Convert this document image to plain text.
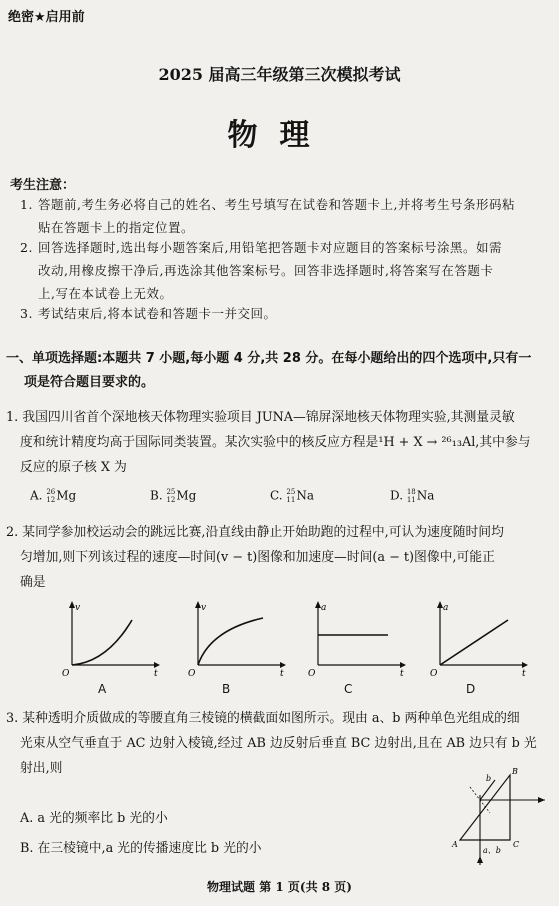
绝密★启用前
2025 届高三年级第三次模拟考试
物理
考生注意：
1. 答题前,考生务必将自己的姓名、考生号填写在试卷和答题卡上,并将考生号条形码粘
贴在答题卡上的指定位置。
2. 回答选择题时,选出每小题答案后,用铅笔把答题卡对应题目的答案标号涂黑。如需
改动,用橡皮擦干净后,再选涂其他答案标号。回答非选择题时,将答案写在答题卡
上,写在本试卷上无效。
3. 考试结束后,将本试卷和答题卡一并交回。
一、单项选择题:本题共 7 小题,每小题 4 分,共 28 分。在每小题给出的四个选项中,只有一
项是符合题目要求的。
1. 我国四川省首个深地核天体物理实验项目 JUNA—锦屏深地核天体物理实验,其测量灵敏
度和统计精度均高于国际同类装置。某次实验中的核反应方程是¹H + X → ²⁶₁₃Al,其中参与
反应的原子核 X 为
A. 26
12 Mg	B. 25
12 Mg	C. 25
11 Na	D. 18
11 Na
2. 某同学参加校运动会的跳远比赛,沿直线由静止开始助跑的过程中,可认为速度随时间均
匀增加,则下列该过程的速度—时间(v − t)图像和加速度—时间(a − t)图像中,可能正
确是
v
t
O
v
t
O
a
t
O
a
t
O
A	B	C	D
3. 某种透明介质做成的等腰直角三棱镜的横截面如图所示。现由 a、b 两种单色光组成的细
光束从空气垂直于 AC 边射入棱镜,经过 AB 边反射后垂直 BC 边射出,且在 AB 边只有 b 光
射出,则
A. a 光的频率比 b 光的小
B. 在三棱镜中,a 光的传播速度比 b 光的小	A
B
C
b
a、b
物理试题 第 1 页(共 8 页)
